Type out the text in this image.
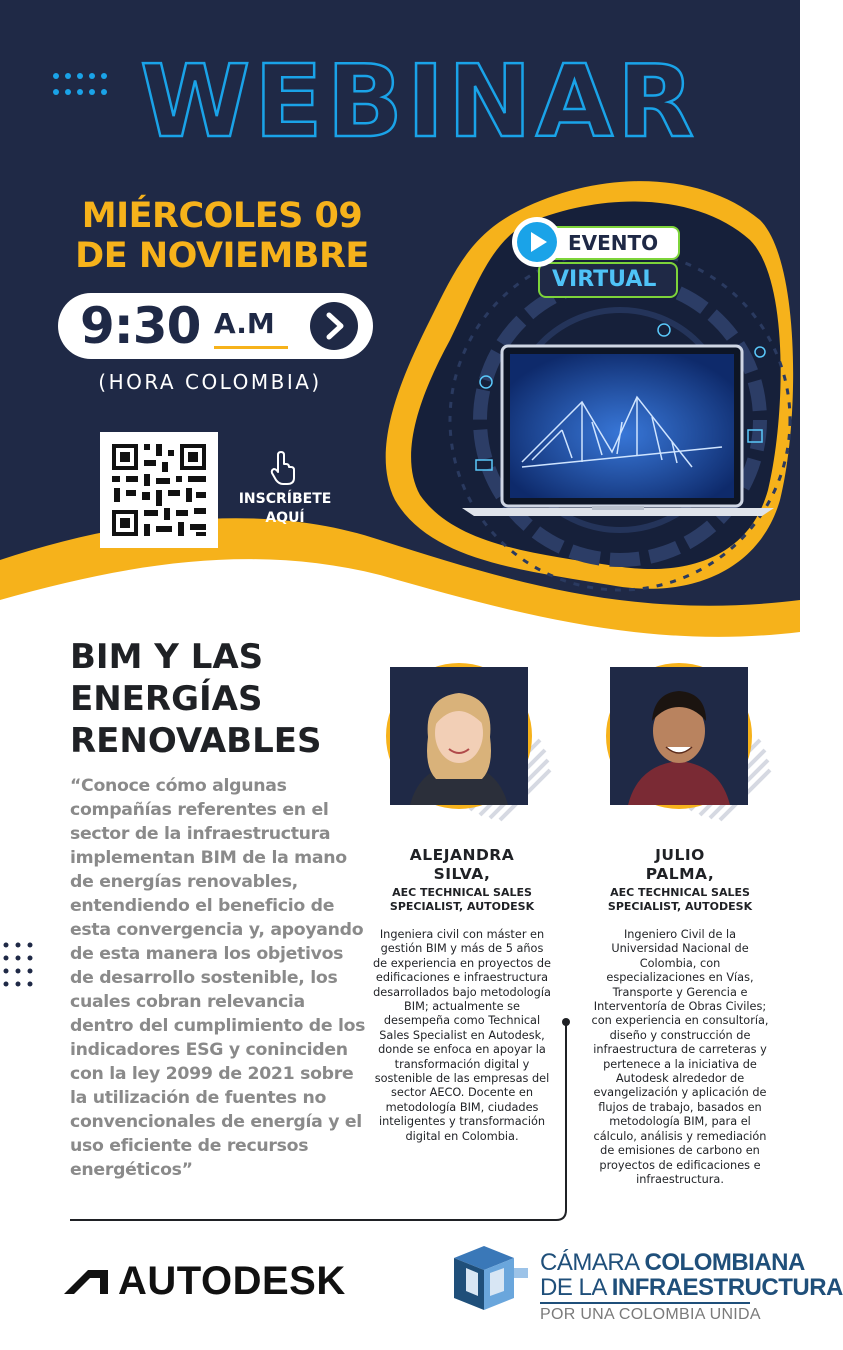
WEBINAR
MIÉRCOLES 09
DE NOVIEMBRE
9:30 A.M
(HORA COLOMBIA)
INSCRÍBETE
AQUÍ
EVENTO
VIRTUAL
BIM Y LAS
ENERGÍAS
RENOVABLES
“Conoce cómo algunas compañías referentes en el sector de la infraestructura implementan BIM de la mano de energías renovables, entendiendo el beneficio de esta convergencia y, apoyando de esta manera los objetivos de desarrollo sostenible, los cuales cobran relevancia dentro del cumplimiento de los indicadores ESG y coninciden con la ley 2099 de 2021 sobre la utilización de fuentes no convencionales de energía y el uso eficiente de recursos energéticos”
ALEJANDRA
SILVA,
AEC TECHNICAL SALES
SPECIALIST, AUTODESK
Ingeniera civil con máster en gestión BIM y más de 5 años de experiencia en proyectos de edificaciones e infraestructura desarrollados bajo metodología BIM; actualmente se desempeña como Technical Sales Specialist en Autodesk, donde se enfoca en apoyar la transformación digital y sostenible de las empresas del sector AECO. Docente en metodología BIM, ciudades inteligentes y transformación digital en Colombia.
JULIO
PALMA,
AEC TECHNICAL SALES
SPECIALIST, AUTODESK
Ingeniero Civil de la Universidad Nacional de Colombia, con especializaciones en Vías, Transporte y Gerencia e Interventoría de Obras Civiles; con experiencia en consultoría, diseño y construcción de infraestructura de carreteras y pertenece a la iniciativa de Autodesk alrededor de evangelización y aplicación de flujos de trabajo, basados en metodología BIM, para el cálculo, análisis y remediación de emisiones de carbono en proyectos de edificaciones e infraestructura.
AUTODESK	CÁMARA COLOMBIANA
DE LA INFRAESTRUCTURA
POR UNA COLOMBIA UNIDA
